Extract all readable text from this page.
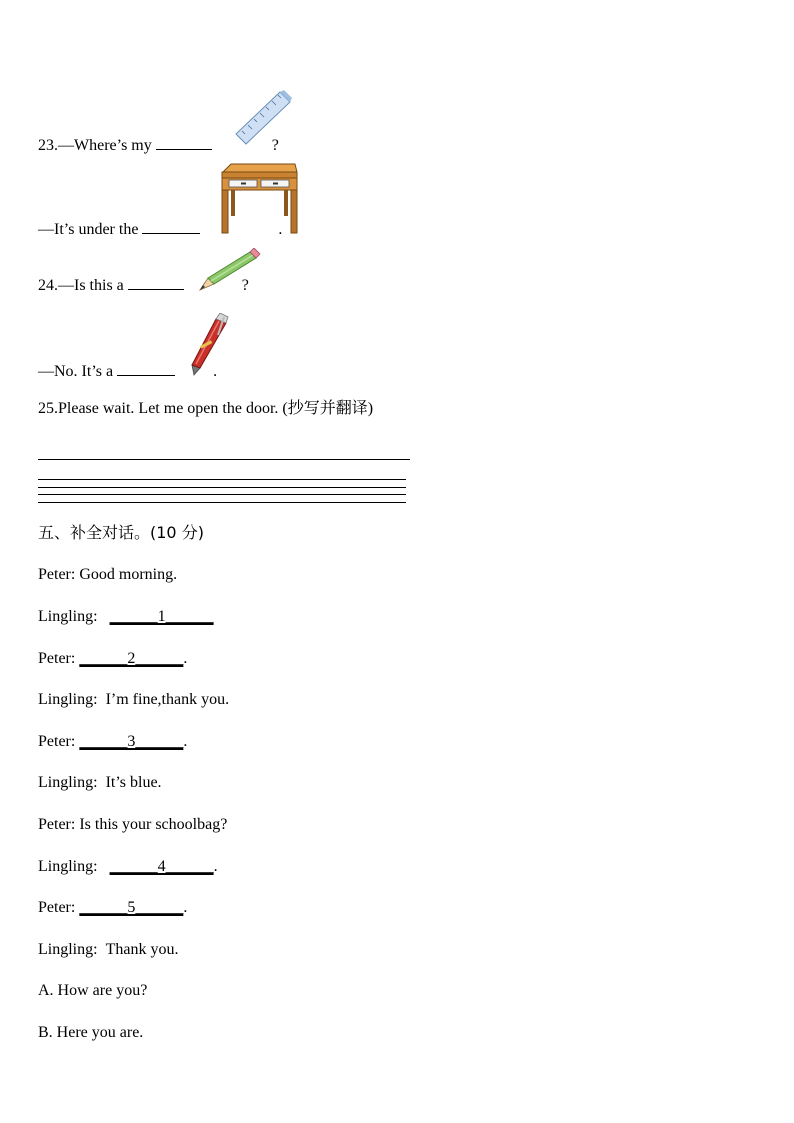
23.—Where’s my	?
—It’s under the	.
24.—Is this a	?
—No. It’s a	.
25.Please wait. Let me open the door. (抄写并翻译)
五、补全对话。(10 分)
Peter: Good morning.
Lingling: ______1______
Peter: ______2______.
Lingling: I’m fine,thank you.
Peter: ______3______.
Lingling: It’s blue.
Peter: Is this your schoolbag?
Lingling: ______4______.
Peter: ______5______.
Lingling: Thank you.
A. How are you?
B. Here you are.
